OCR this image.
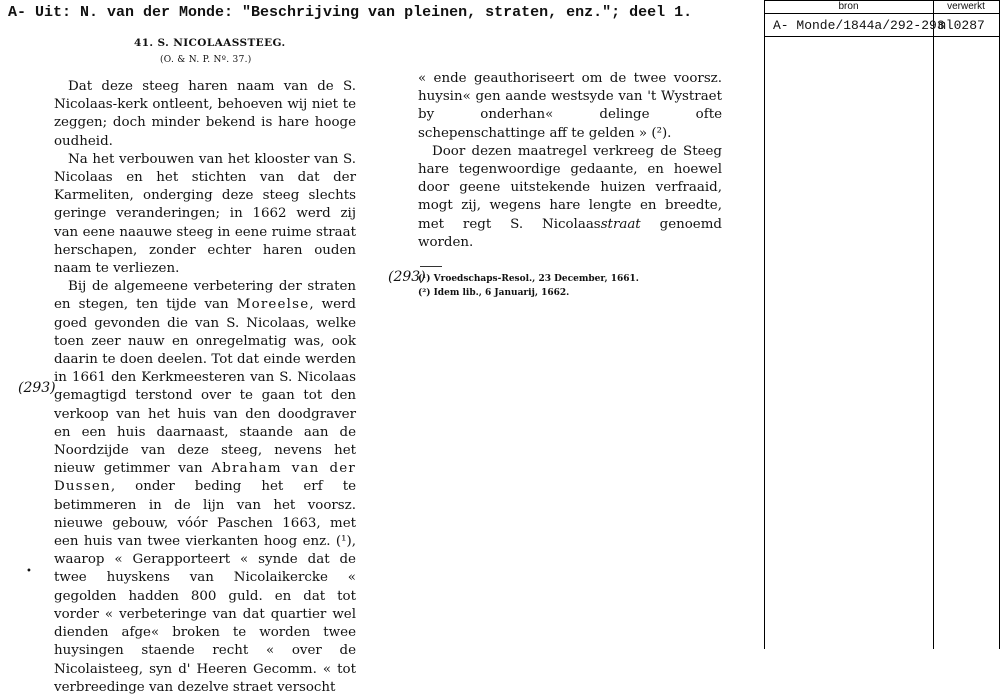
A- Uit: N. van der Monde: "Beschrijving van pleinen, straten, enz."; deel 1.
41. S. NICOLAASSTEEG.
(O. & N. P. Nº. 37.)

Dat deze steeg haren naam van de S. Nicolaas-kerk ontleent, behoeven wij niet te zeggen; doch minder bekend is hare hooge oudheid.

Na het verbouwen van het klooster van S. Nicolaas en het stichten van dat der Karmeliten, onderging deze steeg slechts geringe veranderingen; in 1662 werd zij van eene naauwe steeg in eene ruime straat herschapen, zonder echter haren ouden naam te verliezen.

Bij de algemeene verbetering der straten en stegen, ten tijde van Moreelse, werd goed gevonden die van S. Nicolaas, welke toen zeer nauw en onregelmatig was, ook daarin te doen deelen. Tot dat einde werden in 1661 den Kerkmeesteren van S. Nicolaas gemagtigd terstond over te gaan tot den verkoop van het huis van den doodgraver en een huis daarnaast, staande aan de Noordzijde van deze steeg, nevens het nieuw getimmer van Abraham van der Dussen, onder beding het erf te betimmeren in de lijn van het voorsz. nieuwe gebouw, vóór Paschen 1663, met een huis van twee vierkanten hoog enz. (¹), waarop « Gerapporteert « synde dat de twee huyskens van Nicolaikercke « gegolden hadden 800 guld. en dat tot vorder « verbeteringe van dat quartier wel dienden afge« broken te worden twee huysingen staende recht « over de Nicolaisteeg, syn d' Heeren Gecomm. « tot verbreedinge van dezelve straet versocht

« ende geauthoriseert om de twee voorsz. huysin« gen aande westsyde van 't Wystraet by onderhan« delinge ofte schepenschattinge aff te gelden » (²).

Door dezen maatregel verkreeg de Steeg hare tegenwoordige gedaante, en hoewel door geene uitstekende huizen verfraaid, mogt zij, wegens hare lengte en breedte, met regt S. Nicolaasstraat genoemd worden.

(293)
(293)
•
(¹) Vroedschaps-Resol., 23 December, 1661.
(²) Idem lib., 6 Januarij, 1662.
bron	verwerkt
A- Monde/1844a/292-293
ml0287
